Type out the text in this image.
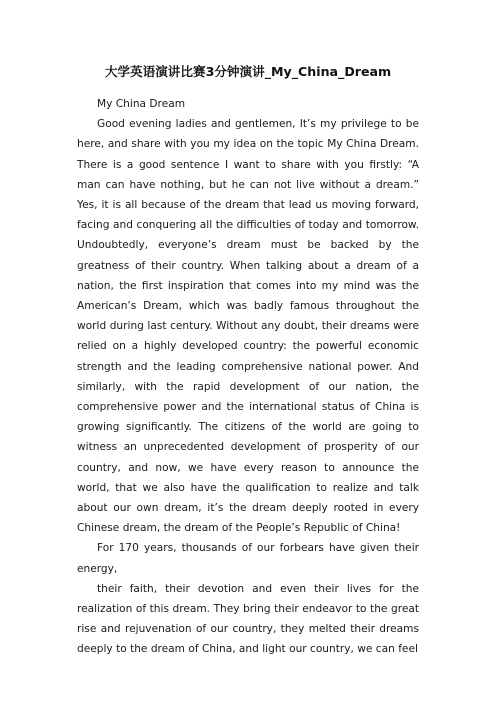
大学英语演讲比赛3分钟演讲_My_China_Dream

My China Dream

Good evening ladies and gentlemen, It’s my privilege to be here, and share with you my idea on the topic My China Dream. There is a good sentence I want to share with you firstly: “A man can have nothing, but he can not live without a dream.” Yes, it is all because of the dream that lead us moving forward, facing and conquering all the difficulties of today and tomorrow. Undoubtedly, everyone’s dream must be backed by the greatness of their country. When talking about a dream of a nation, the first inspiration that comes into my mind was the American’s Dream, which was badly famous throughout the world during last century. Without any doubt, their dreams were relied on a highly developed country: the powerful economic strength and the leading comprehensive national power. And similarly, with the rapid development of our nation, the comprehensive power and the international status of China is growing significantly. The citizens of the world are going to witness an unprecedented development of prosperity of our country, and now, we have every reason to announce the world, that we also have the qualification to realize and talk about our own dream, it’s the dream deeply rooted in every Chinese dream, the dream of the People’s Republic of China!

For 170 years, thousands of our forbears have given their energy,

their faith, their devotion and even their lives for the realization of this dream. They bring their endeavor to the great rise and rejuvenation of our country, they melted their dreams deeply to the dream of China, and light our country, we can feel
